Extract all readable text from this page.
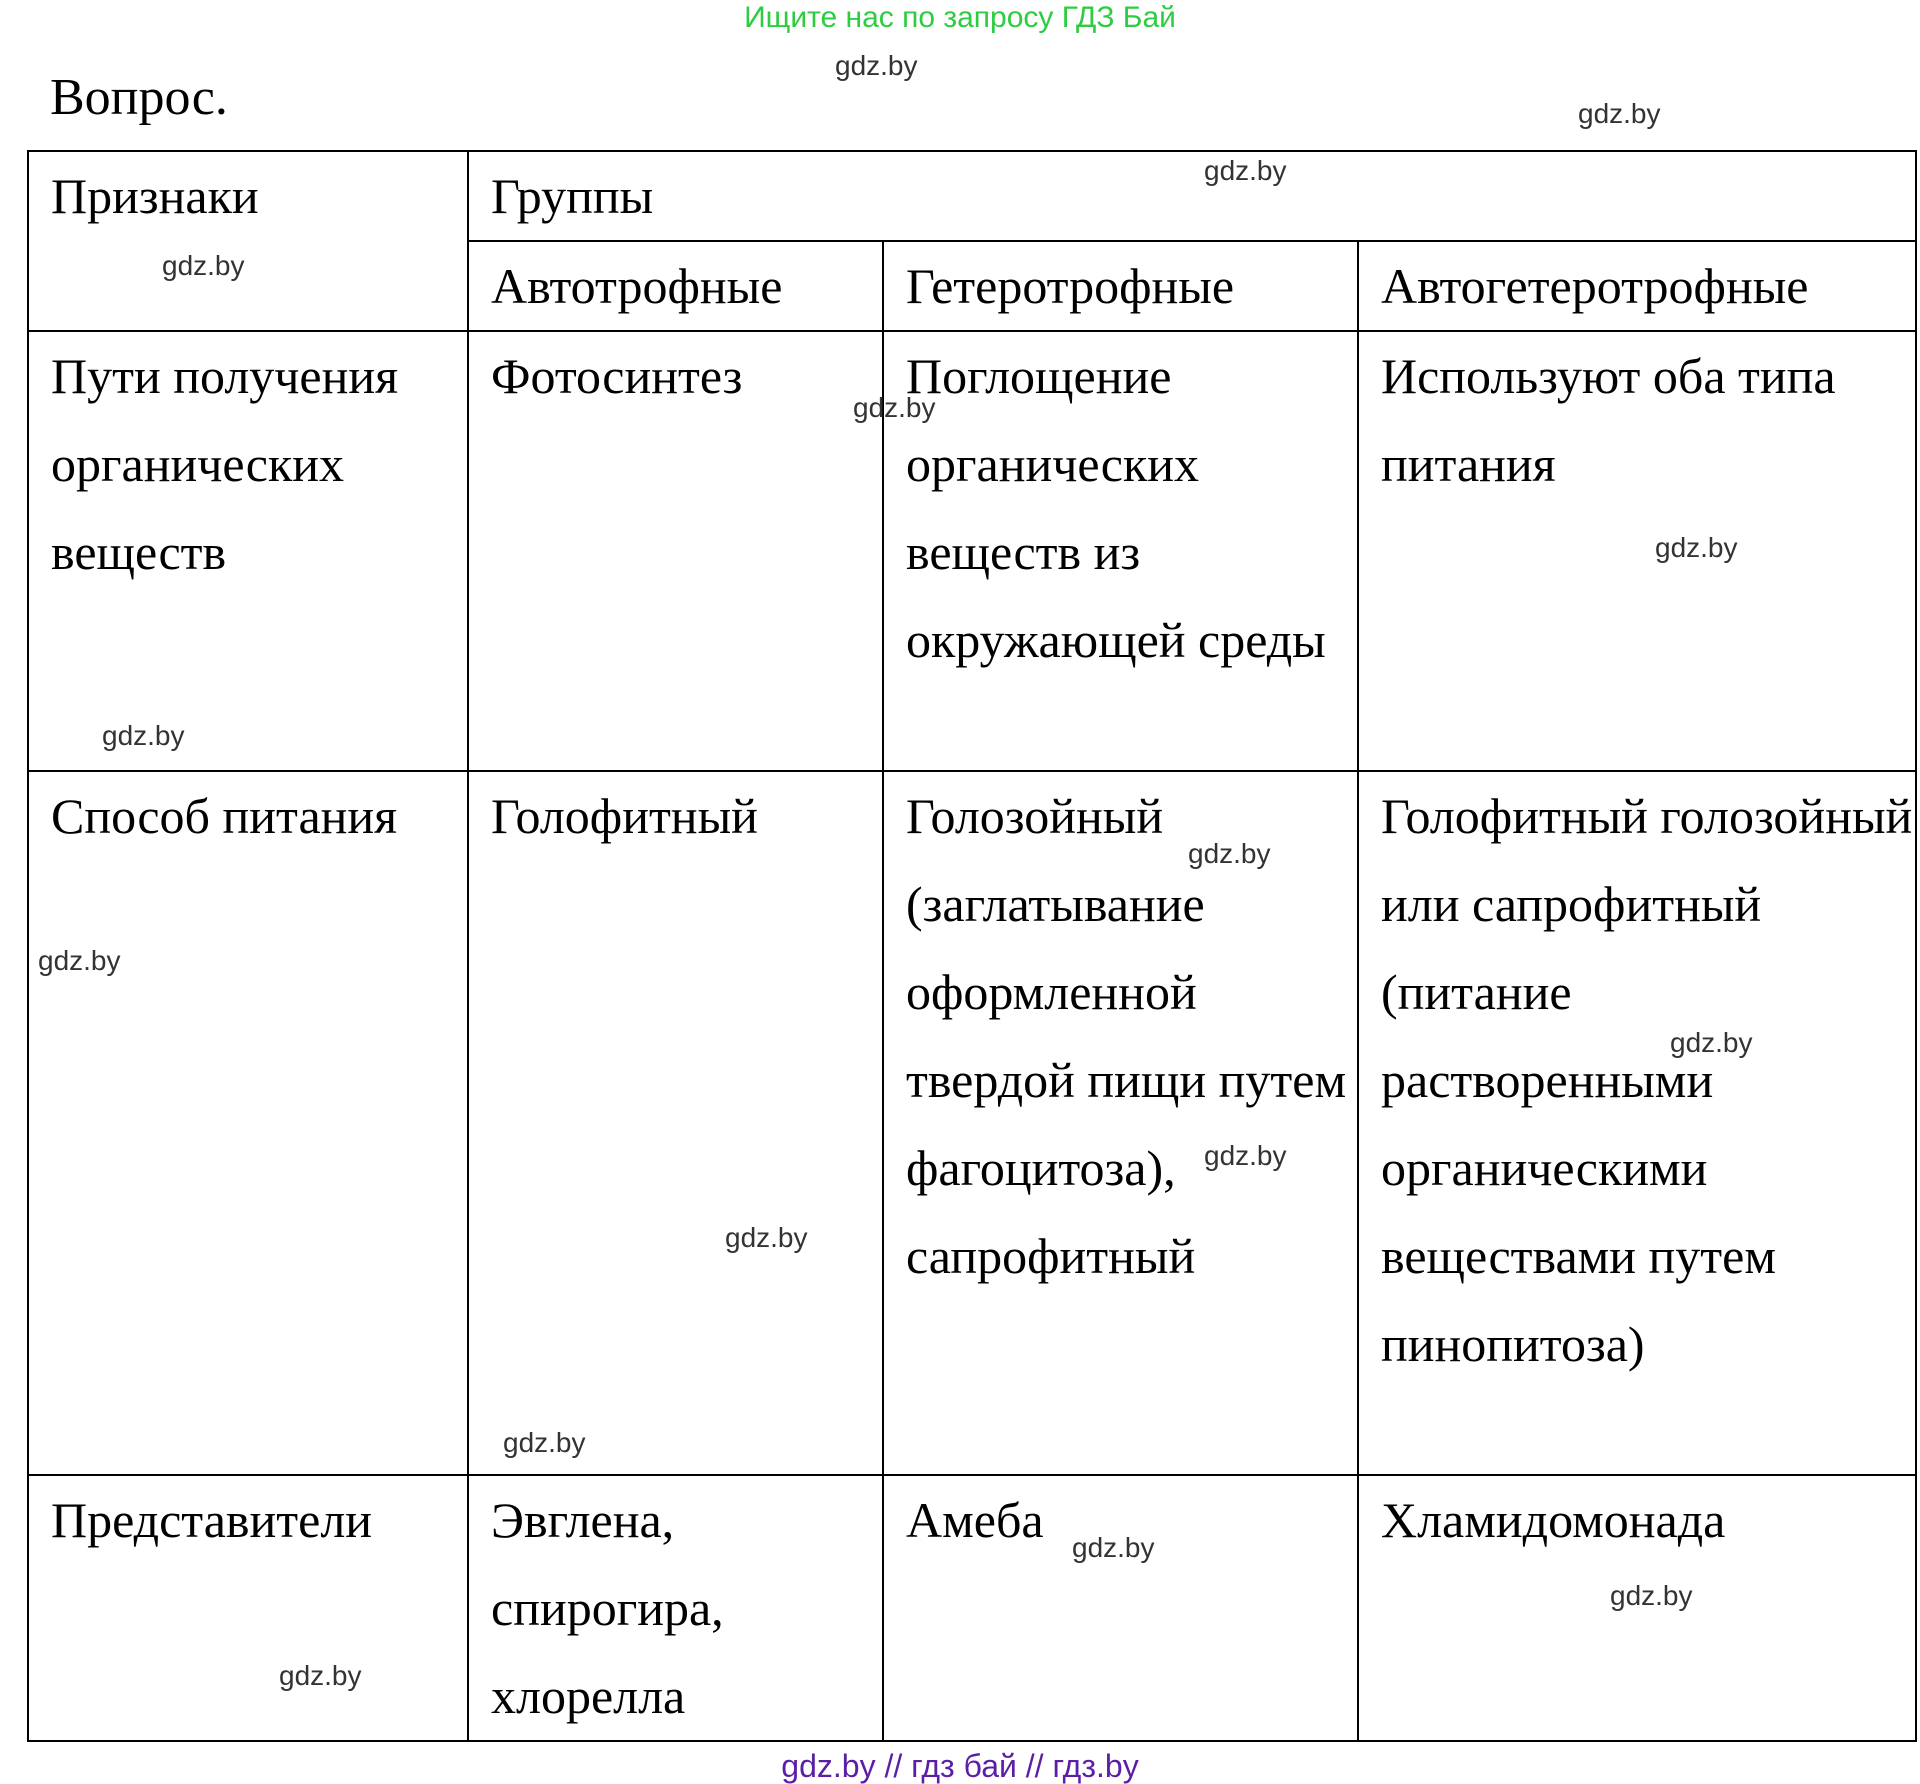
Ищите нас по запросу ГДЗ Бай
Вопрос.
Признаки	Группы		
	Автотрофные	Гетеротрофные	Автогетеротрофные
Пути получения органических веществ	Фотосинтез	Поглощение органических веществ из окружающей среды	Используют оба типа питания
Способ питания	Голофитный	Голозойный (заглатывание оформленной твердой пищи путем фагоцитоза), сапрофитный	Голофитный голозойный или сапрофитный (питание растворенными органическими веществами путем пинопитоза)
Представители	Эвглена, спирогира, хлорелла	Амеба	Хламидомонада
gdz.by
gdz.by
gdz.by
gdz.by
gdz.by
gdz.by
gdz.by
gdz.by
gdz.by
gdz.by
gdz.by
gdz.by
gdz.by
gdz.by
gdz.by
gdz.by
gdz.by // гдз бай // гдз.by
